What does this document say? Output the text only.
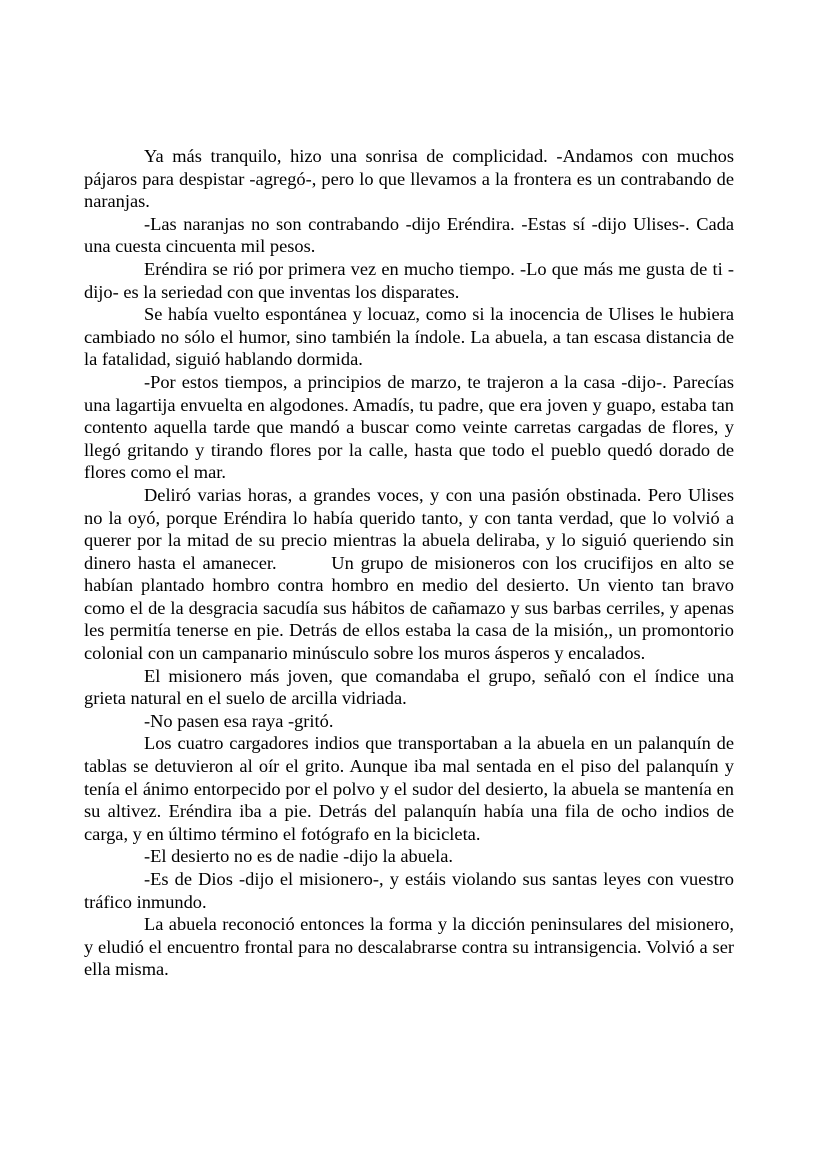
Ya más tranquilo, hizo una sonrisa de complicidad. -Andamos con muchos pájaros para despistar -agregó-, pero lo que llevamos a la frontera es un contrabando de naranjas.

-Las naranjas no son contrabando -dijo Eréndira. -Estas sí -dijo Ulises-. Cada una cuesta cincuenta mil pesos.

Eréndira se rió por primera vez en mucho tiempo. -Lo que más me gusta de ti -dijo- es la seriedad con que inventas los disparates.

Se había vuelto espontánea y locuaz, como si la inocencia de Ulises le hubiera cambiado no sólo el humor, sino también la índole. La abuela, a tan escasa distancia de la fatalidad, siguió hablando dormida.

-Por estos tiempos, a principios de marzo, te trajeron a la casa -dijo-. Parecías una lagartija envuelta en algodones. Amadís, tu padre, que era joven y guapo, estaba tan contento aquella tarde que mandó a buscar como veinte carretas cargadas de flores, y llegó gritando y tirando flores por la calle, hasta que todo el pueblo quedó dorado de flores como el mar.

Deliró varias horas, a grandes voces, y con una pasión obstinada. Pero Ulises no la oyó, porque Eréndira lo había querido tanto, y con tanta verdad, que lo volvió a querer por la mitad de su precio mientras la abuela deliraba, y lo siguió queriendo sin dinero hasta el amanecer.        Un grupo de misioneros con los crucifijos en alto se habían plantado hombro contra hombro en medio del desierto. Un viento tan bravo como el de la desgracia sacudía sus hábitos de cañamazo y sus barbas cerriles, y apenas les permitía tenerse en pie. Detrás de ellos estaba la casa de la misión,, un promontorio colonial con un campanario minúsculo sobre los muros ásperos y encalados.

El misionero más joven, que comandaba el grupo, señaló con el índice una grieta natural en el suelo de arcilla vidriada.

-No pasen esa raya -gritó.

Los cuatro cargadores indios que transportaban a la abuela en un palanquín de tablas se detuvieron al oír el grito. Aunque iba mal sentada en el piso del palanquín y tenía el ánimo entorpecido por el polvo y el sudor del desierto, la abuela se mantenía en su altivez. Eréndira iba a pie. Detrás del palanquín había una fila de ocho indios de carga, y en último término el fotógrafo en la bicicleta.

-El desierto no es de nadie -dijo la abuela.

-Es de Dios -dijo el misionero-, y estáis violando sus santas leyes con vuestro tráfico inmundo.

La abuela reconoció entonces la forma y la dicción peninsulares del misionero, y eludió el encuentro frontal para no descalabrarse contra su intransigencia. Volvió a ser ella misma.
